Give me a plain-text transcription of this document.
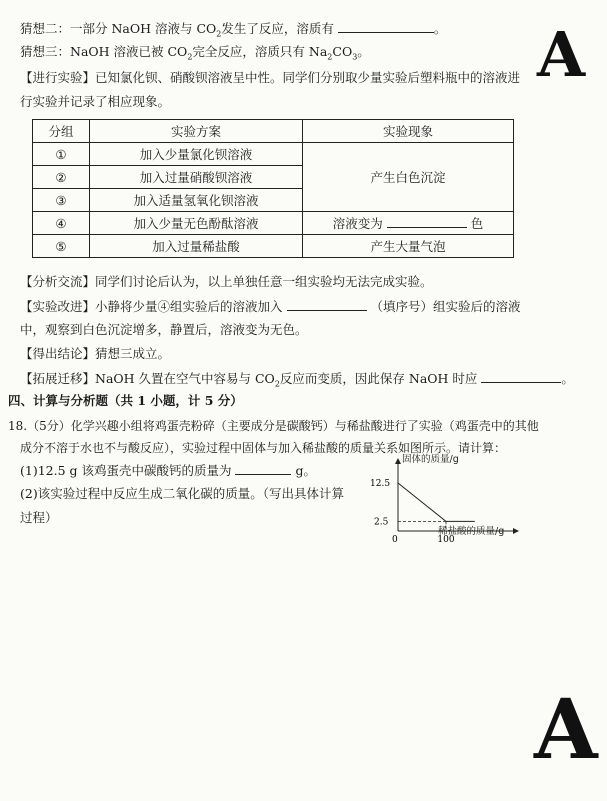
A
A
猜想二：一部分 NaOH 溶液与 $CO_2$发生了反应，溶质有	。
猜想三：NaOH 溶液已被 $CO_2$完全反应，溶质只有 $Na_2CO_3$。
【进行实验】已知氯化钡、硝酸钡溶液呈中性。同学们分别取少量实验后塑料瓶中的溶液进
行实验并记录了相应现象。
分组	实验方案	实验现象
①	加入少量氯化钡溶液	产生白色沉淀
②	加入过量硝酸钡溶液	
③	加入适量氢氧化钡溶液	
④	加入少量无色酚酞溶液	溶液变为 色
⑤	加入过量稀盐酸	产生大量气泡
【分析交流】同学们讨论后认为，以上单独任意一组实验均无法完成实验。
【实验改进】小静将少量④组实验后的溶液加入	（填序号）组实验后的溶液
中，观察到白色沉淀增多，静置后，溶液变为无色。
【得出结论】猜想三成立。
【拓展迁移】NaOH 久置在空气中容易与 $CO_2$反应而变质，因此保存 NaOH 时应	。
四、计算与分析题（共 1 小题，计 5 分）
18.（5分）化学兴趣小组将鸡蛋壳粉碎（主要成分是碳酸钙）与稀盐酸进行了实验（鸡蛋壳中的其他
成分不溶于水也不与酸反应），实验过程中固体与加入稀盐酸的质量关系如图所示。请计算：
(1)12.5 g 该鸡蛋壳中碳酸钙的质量为	g。
(2)该实验过程中反应生成二氧化碳的质量。（写出具体计算
过程）
12.5
2.5
100
0
固体的质量/g
稀盐酸的质量/g
